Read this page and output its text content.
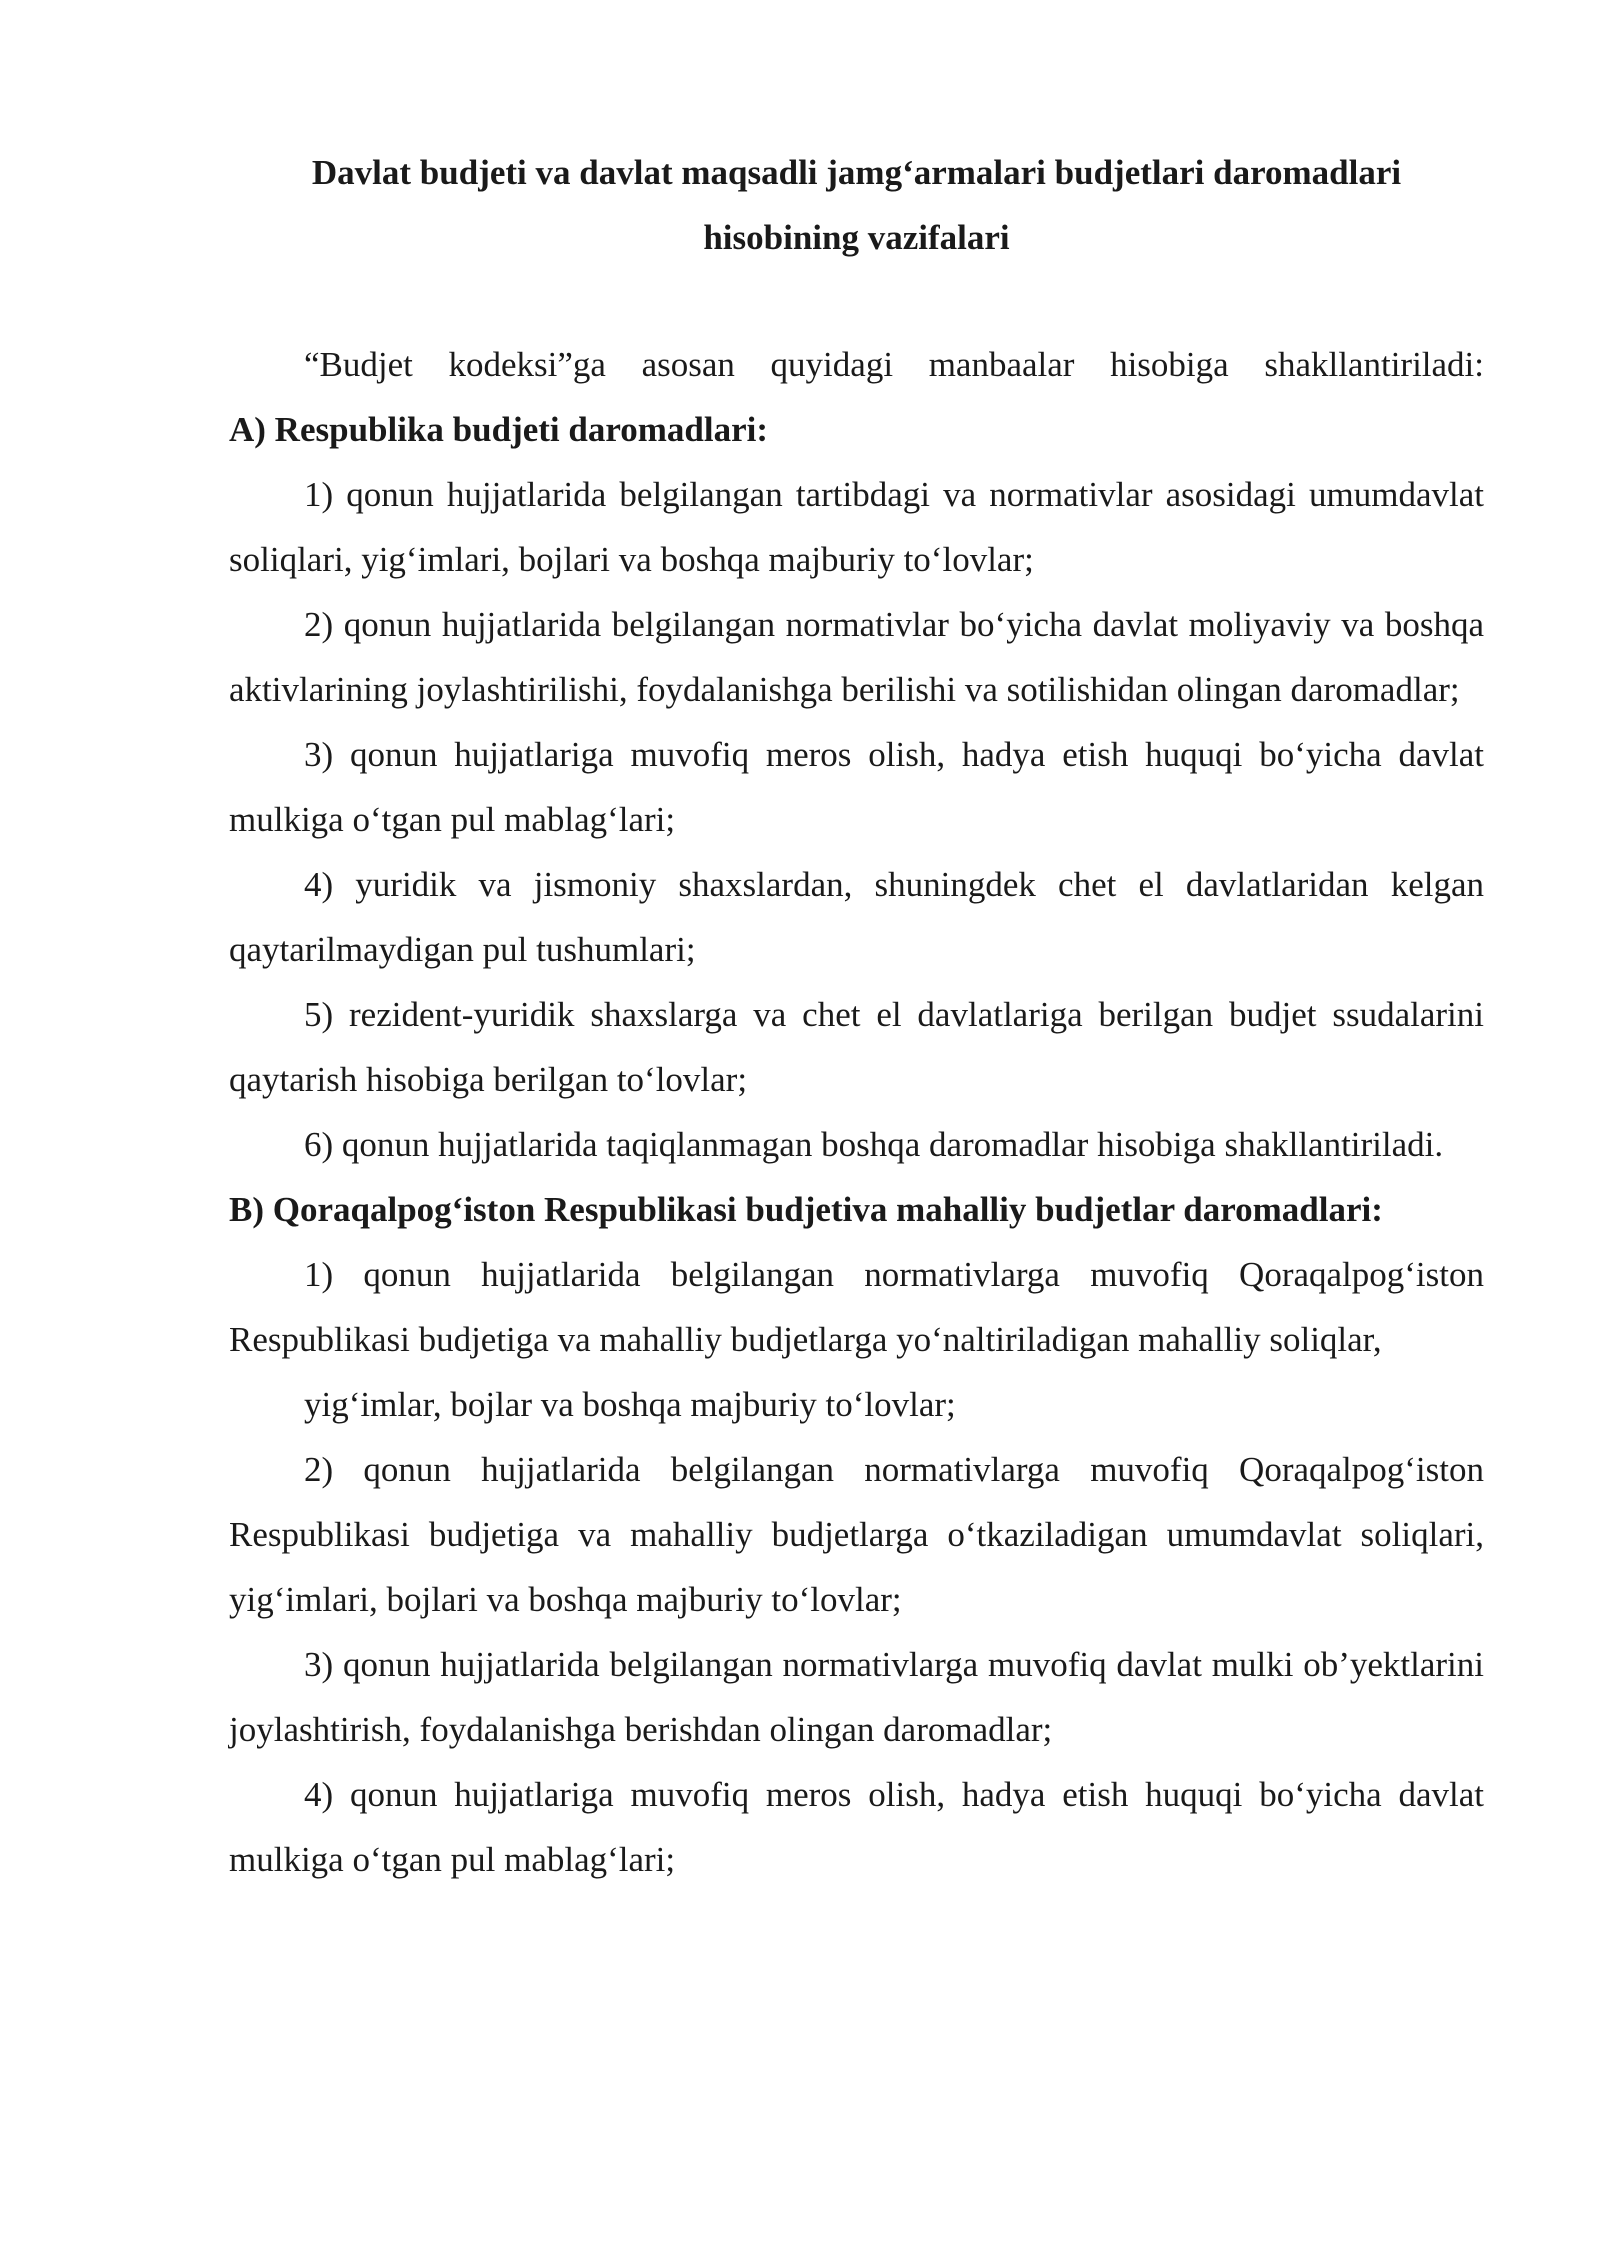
Davlat budjeti va davlat maqsadli jamg‘armalari budjetlari daromadlari
hisobining vazifalari

“Budjet kodeksi”ga asosan quyidagi manbaalar hisobiga shakllantiriladi:

A) Respublika budjeti daromadlari:

1) qonun hujjatlarida belgilangan tartibdagi va normativlar asosidagi umumdavlat soliqlari, yig‘imlari, bojlari va boshqa majburiy to‘lovlar;

2) qonun hujjatlarida belgilangan normativlar bo‘yicha davlat moliyaviy va boshqa aktivlarining joylashtirilishi, foydalanishga berilishi va sotilishidan olingan daromadlar;

3) qonun hujjatlariga muvofiq meros olish, hadya etish huquqi bo‘yicha davlat mulkiga o‘tgan pul mablag‘lari;

4) yuridik va jismoniy shaxslardan, shuningdek chet el davlatlaridan kelgan qaytarilmaydigan pul tushumlari;

5) rezident-yuridik shaxslarga va chet el davlatlariga berilgan budjet ssudalarini qaytarish hisobiga berilgan to‘lovlar;

6) qonun hujjatlarida taqiqlanmagan boshqa daromadlar hisobiga shakllantiriladi.

B) Qoraqalpog‘iston Respublikasi budjetiva mahalliy budjetlar daromadlari:

1) qonun hujjatlarida belgilangan normativlarga muvofiq Qoraqalpog‘iston Respublikasi budjetiga va mahalliy budjetlarga yo‘naltiriladigan mahalliy soliqlar,

yig‘imlar, bojlar va boshqa majburiy to‘lovlar;

2) qonun hujjatlarida belgilangan normativlarga muvofiq Qoraqalpog‘iston Respublikasi budjetiga va mahalliy budjetlarga o‘tkaziladigan umumdavlat soliqlari, yig‘imlari, bojlari va boshqa majburiy to‘lovlar;

3) qonun hujjatlarida belgilangan normativlarga muvofiq davlat mulki ob’yektlarini joylashtirish, foydalanishga berishdan olingan daromadlar;

4) qonun hujjatlariga muvofiq meros olish, hadya etish huquqi bo‘yicha davlat mulkiga o‘tgan pul mablag‘lari;
